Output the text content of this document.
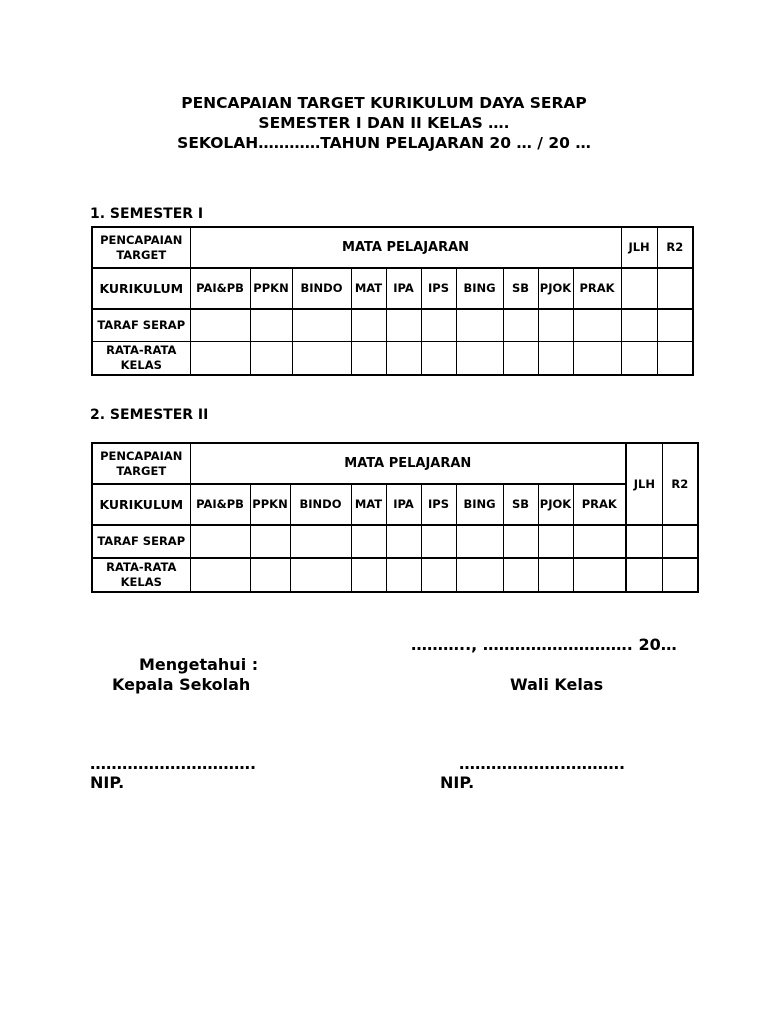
PENCAPAIAN TARGET KURIKULUM DAYA SERAP
SEMESTER I DAN II KELAS ….
SEKOLAH…………TAHUN PELAJARAN 20 … / 20 …
1. SEMESTER I
PENCAPAIAN TARGET	MATA PELAJARAN										JLH	R2
KURIKULUM	PAI&PB	PPKN	BINDO	MAT	IPA	IPS	BING	SB	PJOK	PRAK		
TARAF SERAP												
RATA-RATA KELAS												
2. SEMESTER II
PENCAPAIAN TARGET	MATA PELAJARAN										JLH	R2
KURIKULUM	PAI&PB	PPKN	BINDO	MAT	IPA	IPS	BING	SB	PJOK	PRAK		
TARAF SERAP												
RATA-RATA KELAS												
……….., ………………………. 20…
Mengetahui :
Kepala Sekolah	Wali Kelas
………………………….	………………………….
NIP.	NIP.
